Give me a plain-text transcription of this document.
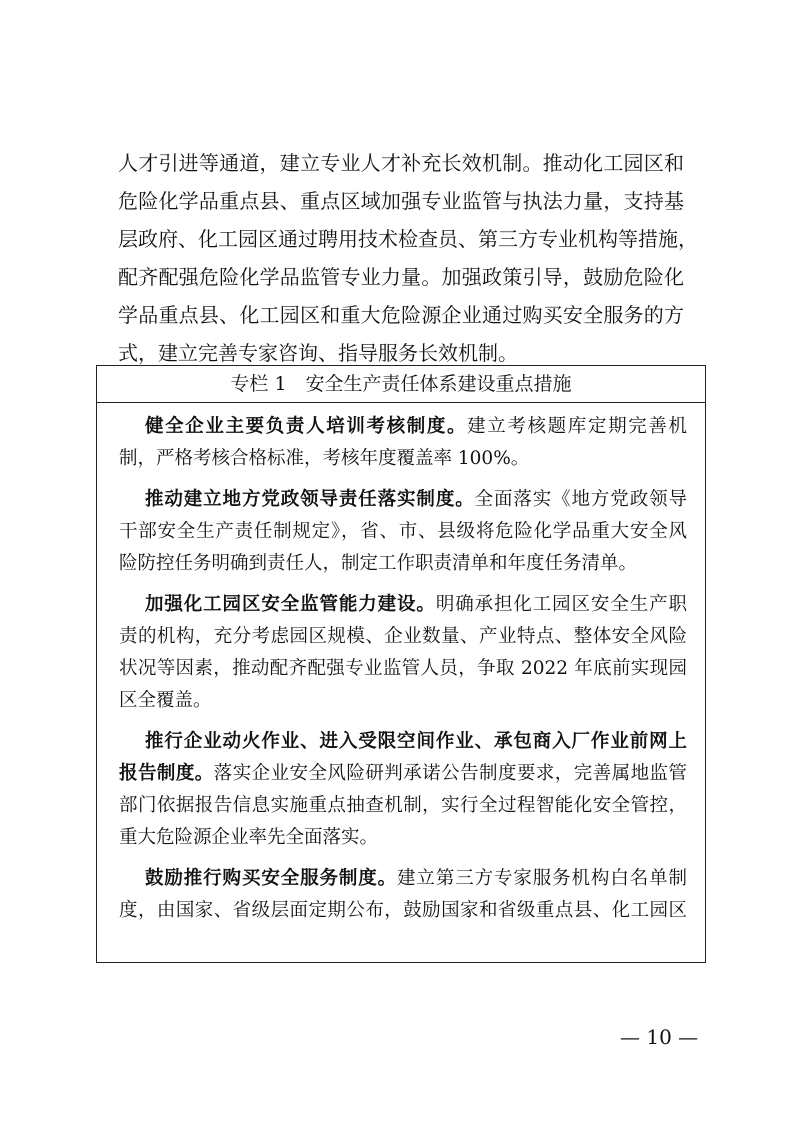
人才引进等通道，建立专业人才补充长效机制。推动化工园区和
危险化学品重点县、重点区域加强专业监管与执法力量，支持基
层政府、化工园区通过聘用技术检查员、第三方专业机构等措施，
配齐配强危险化学品监管专业力量。加强政策引导，鼓励危险化
学品重点县、化工园区和重大危险源企业通过购买安全服务的方
式，建立完善专家咨询、指导服务长效机制。
专栏 1　安全生产责任体系建设重点措施
健全企业主要负责人培训考核制度。建立考核题库定期完善机
制，严格考核合格标准，考核年度覆盖率 100%。
推动建立地方党政领导责任落实制度。全面落实《地方党政领导
干部安全生产责任制规定》，省、市、县级将危险化学品重大安全风
险防控任务明确到责任人，制定工作职责清单和年度任务清单。
加强化工园区安全监管能力建设。明确承担化工园区安全生产职
责的机构，充分考虑园区规模、企业数量、产业特点、整体安全风险
状况等因素，推动配齐配强专业监管人员，争取 2022 年底前实现园
区全覆盖。
推行企业动火作业、进入受限空间作业、承包商入厂作业前网上
报告制度。落实企业安全风险研判承诺公告制度要求，完善属地监管
部门依据报告信息实施重点抽查机制，实行全过程智能化安全管控，
重大危险源企业率先全面落实。
鼓励推行购买安全服务制度。建立第三方专家服务机构白名单制
度，由国家、省级层面定期公布，鼓励国家和省级重点县、化工园区
— 10 —
